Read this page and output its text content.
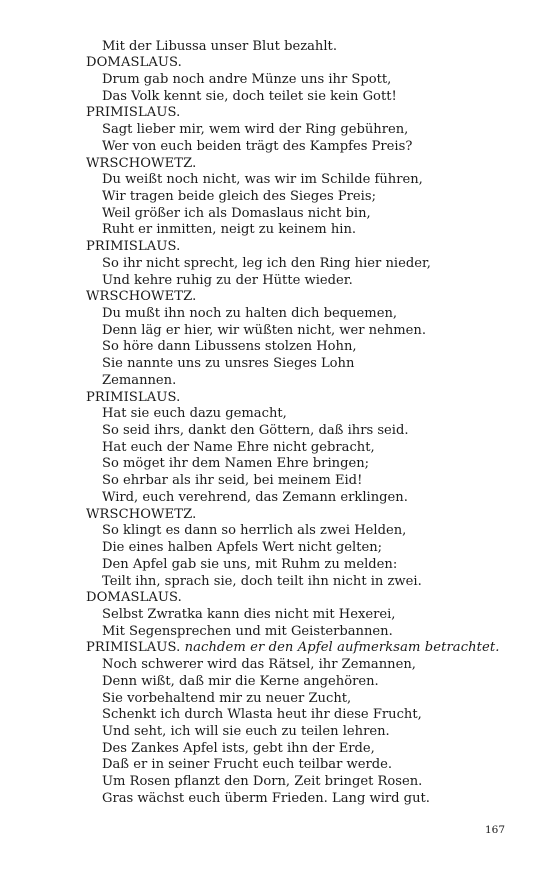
Mit der Libussa unser Blut bezahlt.
DOMASLAUS.
Drum gab noch andre Münze uns ihr Spott,
Das Volk kennt sie, doch teilet sie kein Gott!
PRIMISLAUS.
Sagt lieber mir, wem wird der Ring gebühren,
Wer von euch beiden trägt des Kampfes Preis?
WRSCHOWETZ.
Du weißt noch nicht, was wir im Schilde führen,
Wir tragen beide gleich des Sieges Preis;
Weil größer ich als Domaslaus nicht bin,
Ruht er inmitten, neigt zu keinem hin.
PRIMISLAUS.
So ihr nicht sprecht, leg ich den Ring hier nieder,
Und kehre ruhig zu der Hütte wieder.
WRSCHOWETZ.
Du mußt ihn noch zu halten dich bequemen,
Denn läg er hier, wir wüßten nicht, wer nehmen.
So höre dann Libussens stolzen Hohn,
Sie nannte uns zu unsres Sieges Lohn
Zemannen.
PRIMISLAUS.
Hat sie euch dazu gemacht,
So seid ihrs, dankt den Göttern, daß ihrs seid.
Hat euch der Name Ehre nicht gebracht,
So möget ihr dem Namen Ehre bringen;
So ehrbar als ihr seid, bei meinem Eid!
Wird, euch verehrend, das Zemann erklingen.
WRSCHOWETZ.
So klingt es dann so herrlich als zwei Helden,
Die eines halben Apfels Wert nicht gelten;
Den Apfel gab sie uns, mit Ruhm zu melden:
Teilt ihn, sprach sie, doch teilt ihn nicht in zwei.
DOMASLAUS.
Selbst Zwratka kann dies nicht mit Hexerei,
Mit Segensprechen und mit Geisterbannen.
PRIMISLAUS. nachdem er den Apfel aufmerksam betrachtet.
Noch schwerer wird das Rätsel, ihr Zemannen,
Denn wißt, daß mir die Kerne angehören.
Sie vorbehaltend mir zu neuer Zucht,
Schenkt ich durch Wlasta heut ihr diese Frucht,
Und seht, ich will sie euch zu teilen lehren.
Des Zankes Apfel ists, gebt ihn der Erde,
Daß er in seiner Frucht euch teilbar werde.
Um Rosen pflanzt den Dorn, Zeit bringet Rosen.
Gras wächst euch überm Frieden. Lang wird gut.
167
